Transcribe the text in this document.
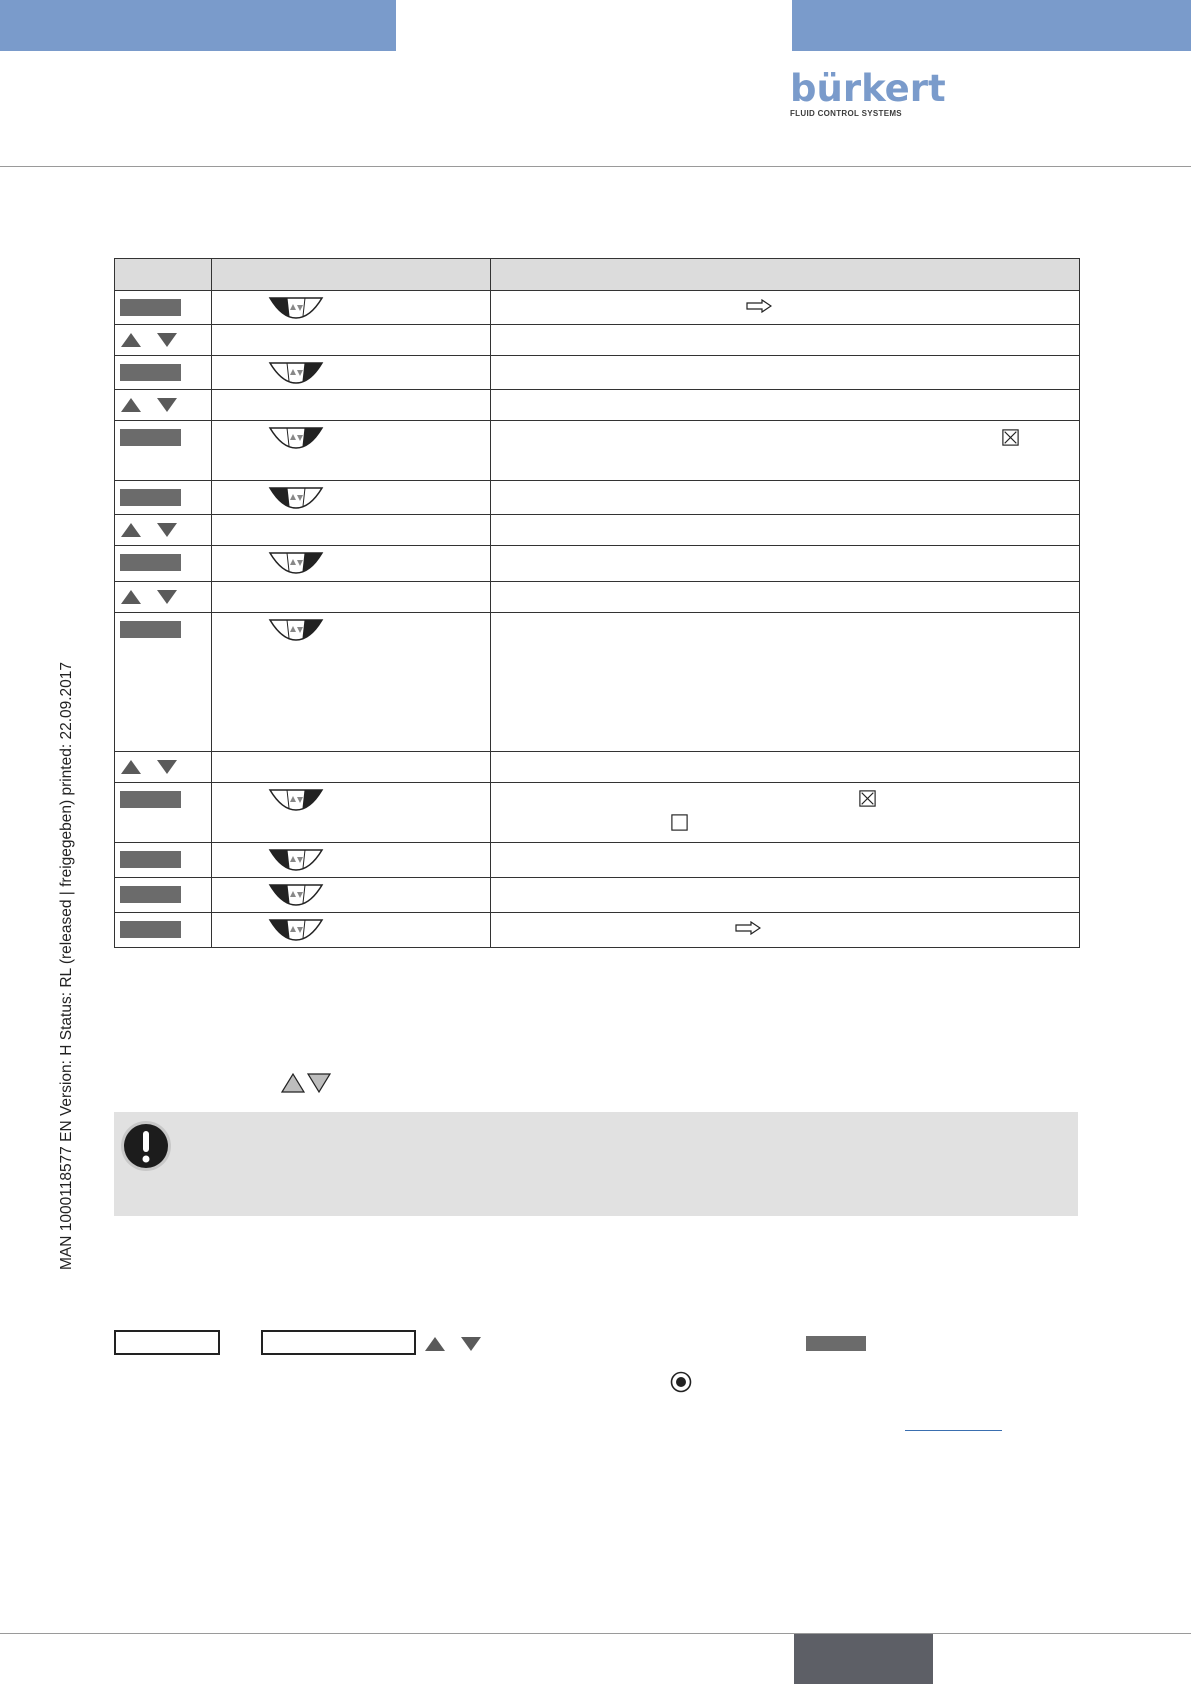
bürkert
FLUID CONTROL SYSTEMS
MAN 1000118577 EN Version: H Status: RL (released | freigegeben) printed: 22.09.2017
